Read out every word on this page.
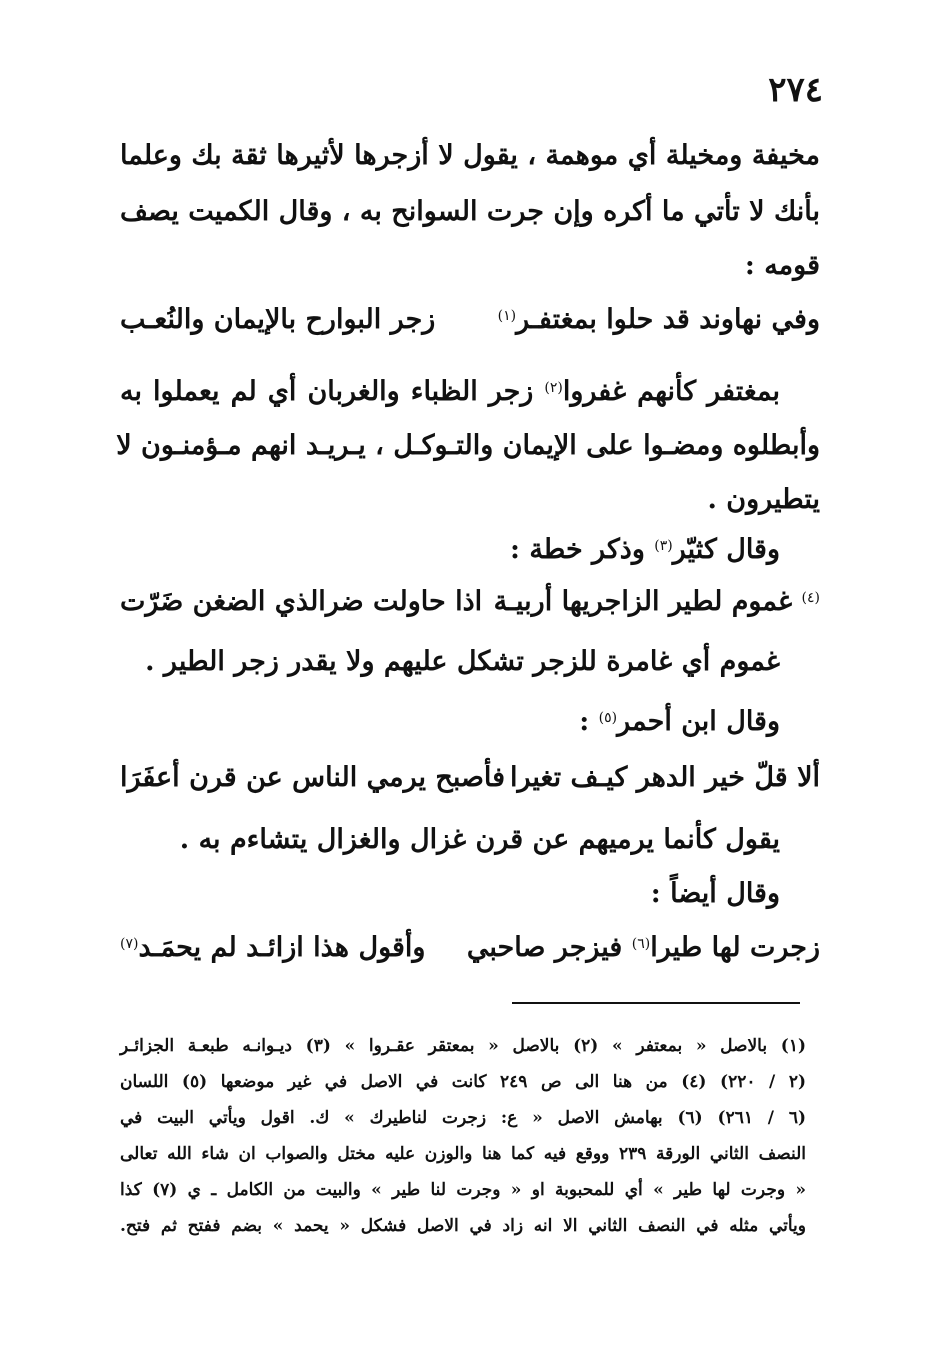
٢٧٤
مخيفة ومخيلة أي موهمة ، يقول لا أزجرها لأثيرها ثقة بك وعلما
بأنك لا تأتي ما أكره وإن جرت السوانح به ، وقال الكميت يصف
قومه :
وفي نهاوند قد حلوا بمغتفـر$^{(١)}$
زجر البوارح بالإيمان والنُعـب
بمغتفر كأنهم غفروا$^{(٢)}$ زجر الظباء والغربان أي لم يعملوا به
وأبطلوه ومضـوا على الإيمان والتـوكـل ، يـريـد انهم مـؤمنـون لا
يتطيرون .
وقال كثيّر$^{(٣)}$ وذكر خطة :
$^{(٤)}$ غموم لطير الزاجريها أربيـة
اذا حاولت ضرالذي الضغن ضَرّت
غموم أي غامرة للزجر تشكل عليهم ولا يقدر زجر الطير .
وقال ابن أحمر$^{(٥)}$ :
ألا قلّ خير الدهر كيـف تغيرا
فأصبح يرمي الناس عن قرن أعفَرَا
يقول كأنما يرميهم عن قرن غزال والغزال يتشاءم به .
وقال أيضاً :
زجرت لها طيرا$^{(٦)}$ فيزجر صاحبي
وأقول هذا ازائـد لم يحمَـد$^{(٧)}$
(١) بالاصل « بمعتفر » (٢) بالاصل « بمعتقر عقـروا » (٣) ديـوانـه طبعـة الجزائـر
(٢ / ٢٢٠) (٤) من هنا الى ص ٢٤٩ كانت في الاصل في غير موضعها (٥) اللسان
(٦ / ٢٦١) (٦) بهامش الاصل « ع: زجرت لناطيرك » ك. اقول ويأتي البيت في
النصف الثاني الورقة ٢٣٩ ووقع فيه كما هنا والوزن عليه مختل والصواب ان شاء الله تعالى
« وجرت لها طير » أي للمحبوبة او « وجرت لنا طير » والبيت من الكامل ـ ي (٧) كذا
ويأتي مثله في النصف الثاني الا انه زاد في الاصل فشكل « يحمد » بضم ففتح ثم فتح.
